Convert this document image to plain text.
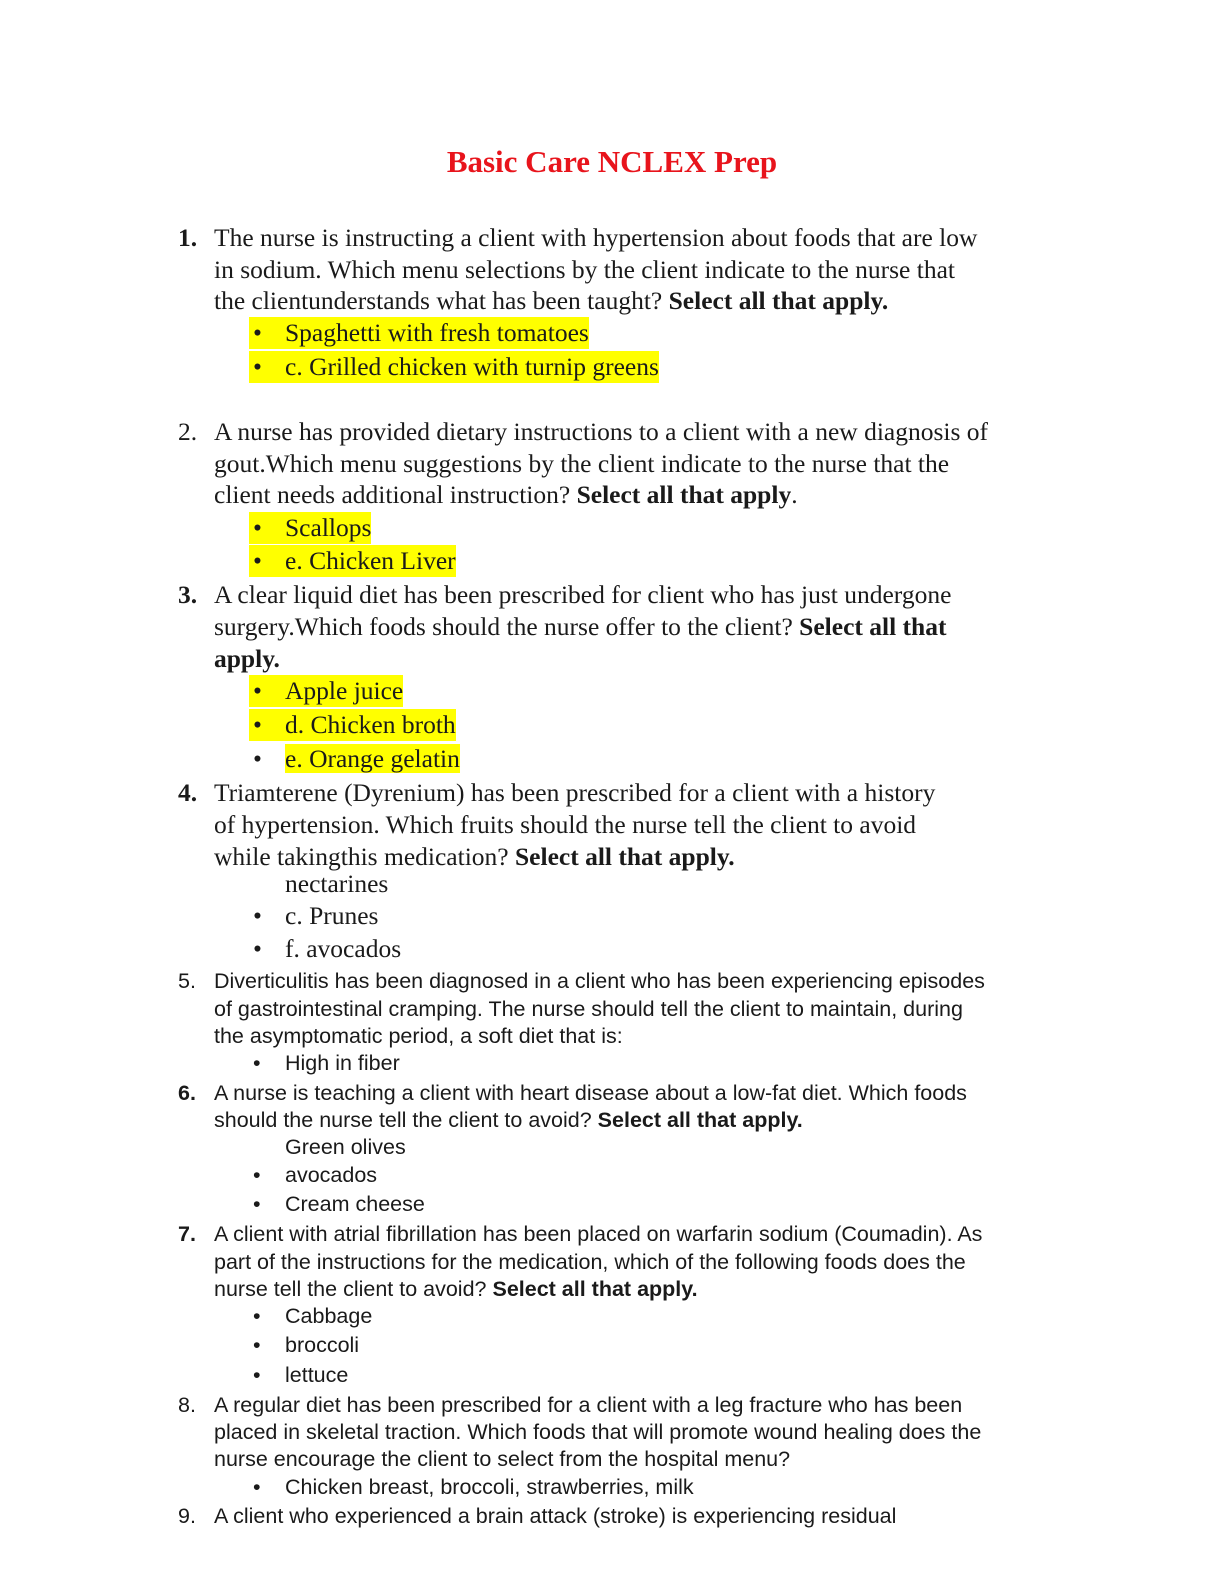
Basic Care NCLEX Prep
1. The nurse is instructing a client with hypertension about foods that are low
in sodium. Which menu selections by the client indicate to the nurse that
the clientunderstands what has been taught? Select all that apply.
• Spaghetti with fresh tomatoes
• c. Grilled chicken with turnip greens
2. A nurse has provided dietary instructions to a client with a new diagnosis of
gout.Which menu suggestions by the client indicate to the nurse that the
client needs additional instruction? Select all that apply.
• Scallops
• e. Chicken Liver
3. A clear liquid diet has been prescribed for client who has just undergone
surgery.Which foods should the nurse offer to the client? Select all that
apply.
• Apple juice
• d. Chicken broth
• e. Orange gelatin
4. Triamterene (Dyrenium) has been prescribed for a client with a history
of hypertension. Which fruits should the nurse tell the client to avoid
while takingthis medication? Select all that apply.
nectarines
• c. Prunes
• f. avocados
5. Diverticulitis has been diagnosed in a client who has been experiencing episodes
of gastrointestinal cramping. The nurse should tell the client to maintain, during
the asymptomatic period, a soft diet that is:
• High in fiber
6. A nurse is teaching a client with heart disease about a low-fat diet. Which foods
should the nurse tell the client to avoid? Select all that apply.
Green olives
• avocados
• Cream cheese
7. A client with atrial fibrillation has been placed on warfarin sodium (Coumadin). As
part of the instructions for the medication, which of the following foods does the
nurse tell the client to avoid? Select all that apply.
• Cabbage
• broccoli
• lettuce
8. A regular diet has been prescribed for a client with a leg fracture who has been
placed in skeletal traction. Which foods that will promote wound healing does the
nurse encourage the client to select from the hospital menu?
• Chicken breast, broccoli, strawberries, milk
9. A client who experienced a brain attack (stroke) is experiencing residual
